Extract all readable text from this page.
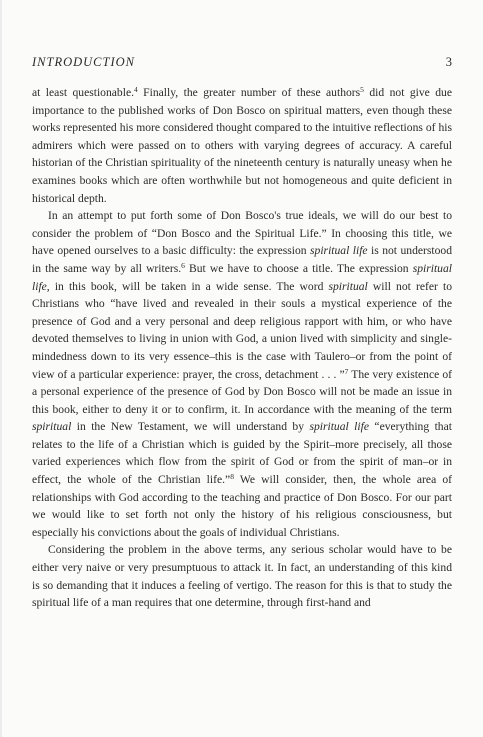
INTRODUCTION	3

at least questionable.$^4$ Finally, the greater number of these authors$^5$ did not give due importance to the published works of Don Bosco on spiritual matters, even though these works represented his more considered thought compared to the intuitive reflections of his admirers which were passed on to others with varying degrees of accuracy. A careful historian of the Christian spirituality of the nineteenth century is naturally uneasy when he examines books which are often worthwhile but not homogeneous and quite deficient in historical depth.

In an attempt to put forth some of Don Bosco's true ideals, we will do our best to consider the problem of “Don Bosco and the Spiritual Life.” In choosing this title, we have opened ourselves to a basic difficulty: the expression spiritual life is not understood in the same way by all writers.$^6$ But we have to choose a title. The expression spiritual life, in this book, will be taken in a wide sense. The word spiritual will not refer to Christians who “have lived and revealed in their souls a mystical experience of the presence of God and a very personal and deep religious rapport with him, or who have devoted themselves to living in union with God, a union lived with simplicity and single-mindedness down to its very essence–this is the case with Taulero–or from the point of view of a particular experience: prayer, the cross, detachment . . . ”$^7$ The very existence of a personal experience of the presence of God by Don Bosco will not be made an issue in this book, either to deny it or to confirm, it. In accordance with the meaning of the term spiritual in the New Testament, we will understand by spiritual life “everything that relates to the life of a Christian which is guided by the Spirit–more precisely, all those varied experiences which flow from the spirit of God or from the spirit of man–or in effect, the whole of the Christian life.”$^8$ We will consider, then, the whole area of relationships with God according to the teaching and practice of Don Bosco. For our part we would like to set forth not only the history of his religious consciousness, but especially his convictions about the goals of individual Christians.

Considering the problem in the above terms, any serious scholar would have to be either very naive or very presumptuous to attack it. In fact, an understanding of this kind is so demanding that it induces a feeling of vertigo. The reason for this is that to study the spiritual life of a man requires that one determine, through first-hand and
